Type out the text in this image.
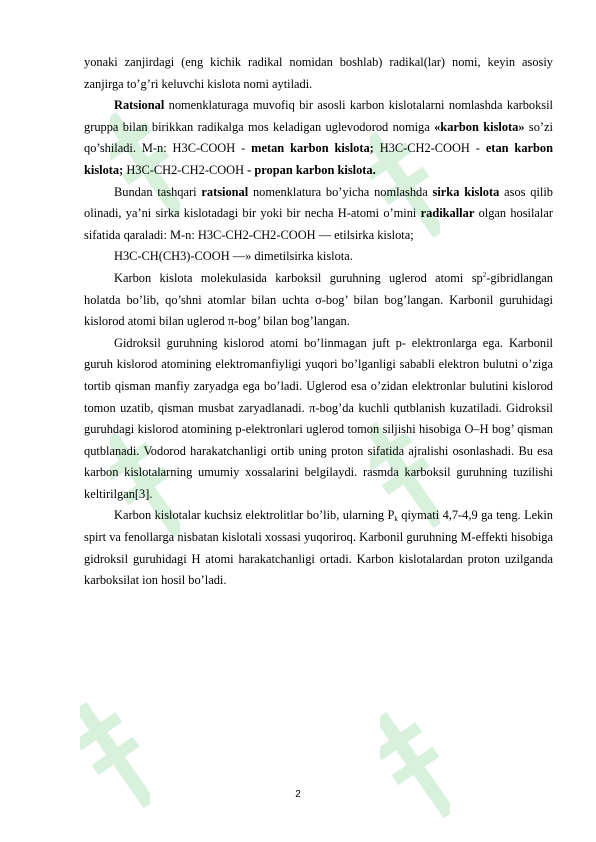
yonaki zanjirdagi (eng kichik radikal nomidan boshlab) radikal(lar) nomi, keyin asosiy zanjirga to’g’ri keluvchi kislota nomi aytiladi.

Ratsional nomenklaturaga muvofiq bir asosli karbon kislotalarni nomlashda karboksil gruppa bilan birikkan radikalga mos keladigan uglevodorod nomiga «karbon kislota» so’zi qo’shiladi. M-n: H3C-COOH - metan karbon kislota; H3C-CH2-COOH - etan karbon kislota; H3C-CH2-CH2-COOH - propan karbon kislota.

Bundan tashqari ratsional nomenklatura bo’yicha nomlashda sirka kislota asos qilib olinadi, ya’ni sirka kislotadagi bir yoki bir necha H-atomi o’mini radikallar olgan hosilalar sifatida qaraladi: M-n: H3C-CH2-CH2-COOH — etilsirka kislota;

H3C-CH(CH3)-COOH —» dimetilsirka kislota.

Karbon kislota molekulasida karboksil guruhning uglerod atomi $sp^2$-gibridlangan holatda bo’lib, qo’shni atomlar bilan uchta σ-bog’ bilan bog’langan. Karbonil guruhidagi kislorod atomi bilan uglerod π-bog’ bilan bog’langan.

Gidroksil guruhning kislorod atomi bo’linmagan juft p- elektronlarga ega. Karbonil guruh kislorod atomining elektromanfiyligi yuqori bo’lganligi sababli elektron bulutni o’ziga tortib qisman manfiy zaryadga ega bo’ladi. Uglerod esa o’zidan elektronlar bulutini kislorod tomon uzatib, qisman musbat zaryadlanadi. π-bog’da kuchli qutblanish kuzatiladi. Gidroksil guruhdagi kislorod atomining p-elektronlari uglerod tomon siljishi hisobiga O–H bog’ qisman qutblanadi. Vodorod harakatchanligi ortib uning proton sifatida ajralishi osonlashadi. Bu esa karbon kislotalarning umumiy xossalarini belgilaydi. rasmda karboksil guruhning tuzilishi keltirilgan[3].

Karbon kislotalar kuchsiz elektrolitlar bo’lib, ularning $P_k$ qiymati 4,7-4,9 ga teng. Lekin spirt va fenollarga nisbatan kislotali xossasi yuqoriroq. Karbonil guruhning M-effekti hisobiga gidroksil guruhidagi H atomi harakatchanligi ortadi. Karbon kislotalardan proton uzilganda karboksilat ion hosil bo’ladi.

2
